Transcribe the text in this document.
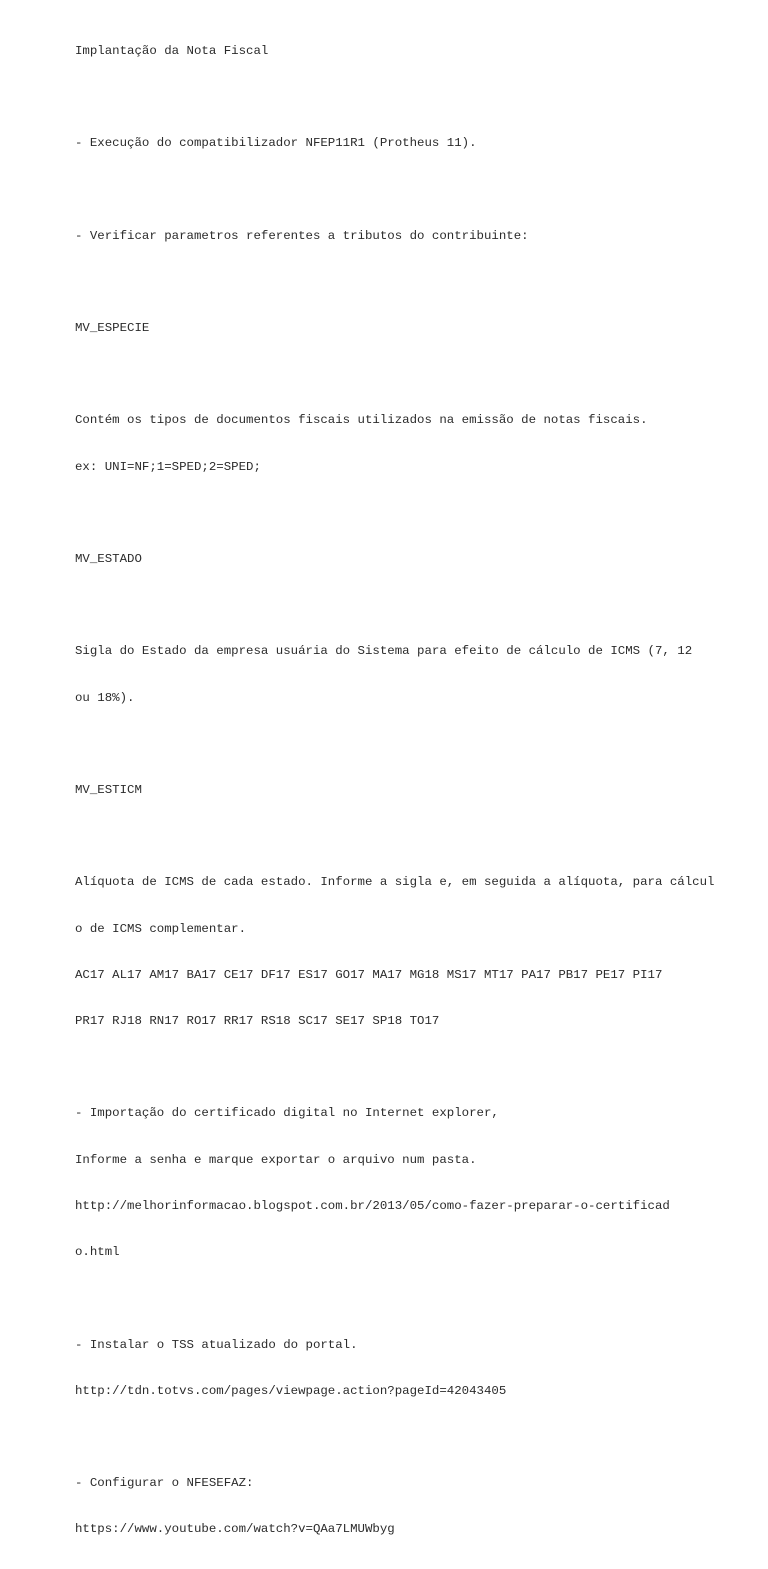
Implantação da Nota Fiscal

- Execução do compatibilizador NFEP11R1 (Protheus 11).

- Verificar parametros referentes a tributos do contribuinte:

MV_ESPECIE

Contém os tipos de documentos fiscais utilizados na emissão de notas fiscais.

ex: UNI=NF;1=SPED;2=SPED;

MV_ESTADO

Sigla do Estado da empresa usuária do Sistema para efeito de cálculo de ICMS (7, 12

ou 18%).

MV_ESTICM

Alíquota de ICMS de cada estado. Informe a sigla e, em seguida a alíquota, para cálcul

o de ICMS complementar.

AC17 AL17 AM17 BA17 CE17 DF17 ES17 GO17 MA17 MG18 MS17 MT17 PA17 PB17 PE17 PI17

PR17 RJ18 RN17 RO17 RR17 RS18 SC17 SE17 SP18 TO17

- Importação do certificado digital no Internet explorer,

Informe a senha e marque exportar o arquivo num pasta.

http://melhorinformacao.blogspot.com.br/2013/05/como-fazer-preparar-o-certificad

o.html

- Instalar o TSS atualizado do portal.

http://tdn.totvs.com/pages/viewpage.action?pageId=42043405

- Configurar o NFESEFAZ:

https://www.youtube.com/watch?v=QAa7LMUWbyg
